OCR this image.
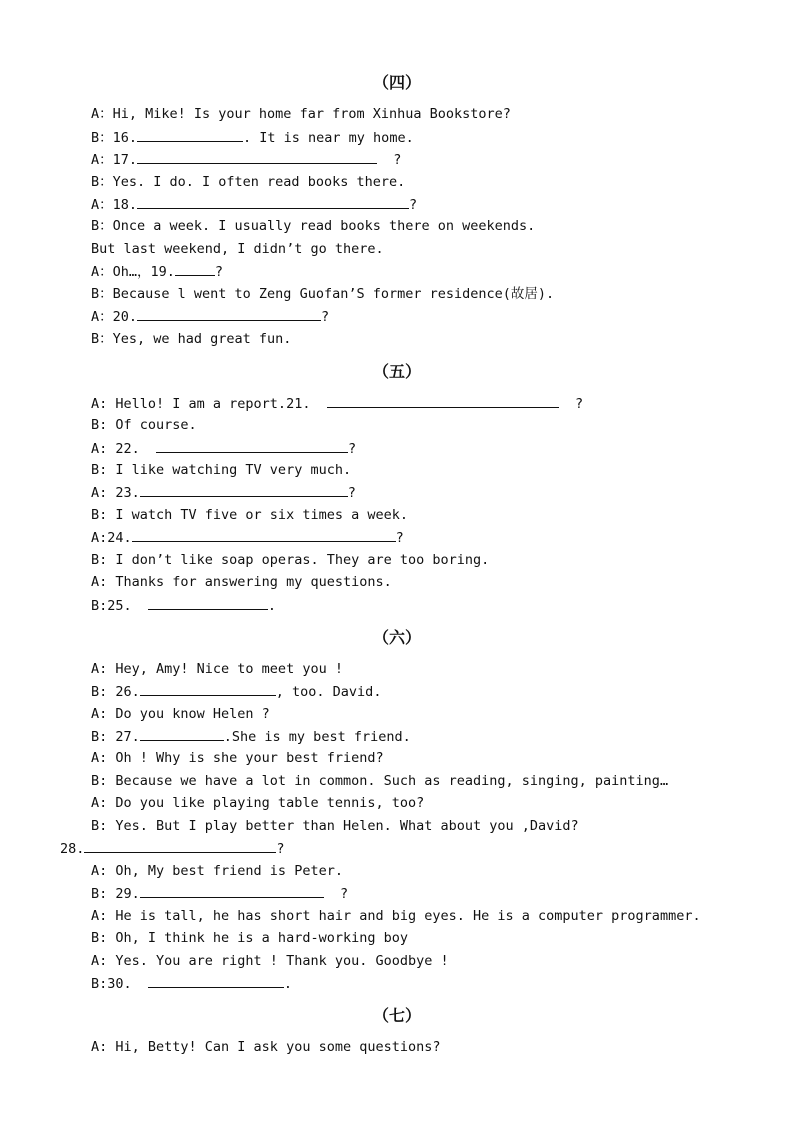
（四）
A：Hi, Mike! Is your home far from Xinhua Bookstore?
B：16.	. It is near my home.
A：17.	?
B：Yes. I do. I often read books there.
A：18.	?
B：Once a week. I usually read books there on weekends.
But last weekend, I didn’t go there.
A：Oh…，19.	?
B：Because l went to Zeng Guofan’S former residence(故居).
A：20.	?
B：Yes, we had great fun.
（五）
A: Hello! I am a report.21.	?
B: Of course.
A: 22.	?
B: I like watching TV very much.
A: 23.	?
B: I watch TV five or six times a week.
A:24.	?
B: I don’t like soap operas. They are too boring.
A: Thanks for answering my questions.
B:25.	.
（六）
A: Hey, Amy! Nice to meet you !
B: 26.	, too. David.
A: Do you know Helen ?
B: 27.	.She is my best friend.
A: Oh ! Why is she your best friend?
B: Because we have a lot in common. Such as reading, singing, painting…
A: Do you like playing table tennis, too?
B: Yes. But I play better than Helen. What about you ,David?
28.	?
A: Oh, My best friend is Peter.
B: 29.	?
A: He is tall, he has short hair and big eyes. He is a computer programmer.
B: Oh, I think he is a hard-working boy
A: Yes. You are right ! Thank you. Goodbye !
B:30.	.
（七）
A: Hi, Betty! Can I ask you some questions?
